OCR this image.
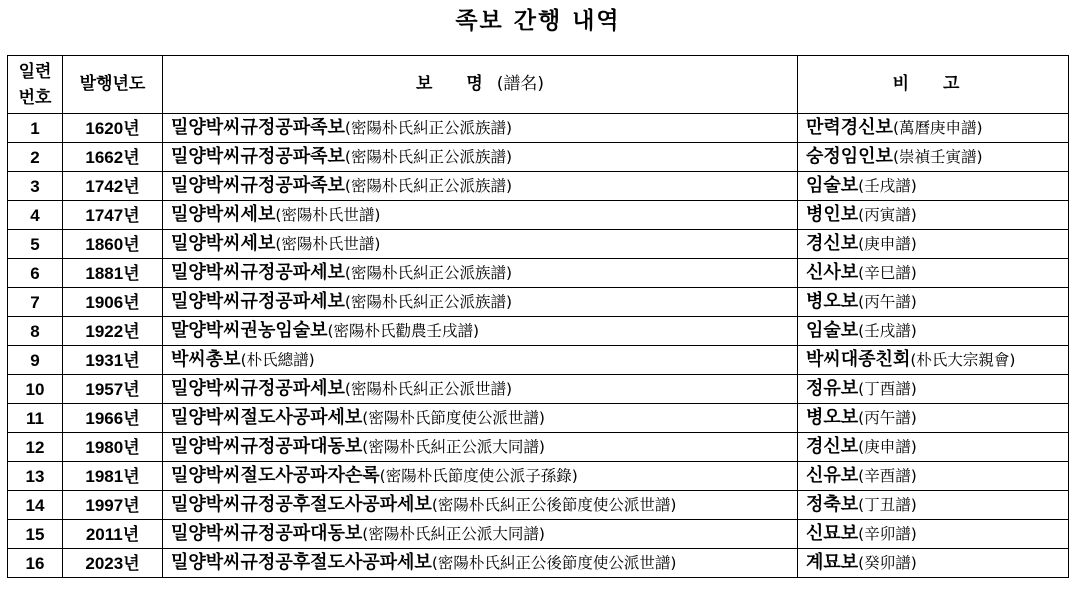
족보 간행 내역
일련
번호	발행년도	보 명(譜名)	비 고
1	1620년	밀양박씨규정공파족보(密陽朴氏糾正公派族譜)	만력경신보(萬曆庚申譜)
2	1662년	밀양박씨규정공파족보(密陽朴氏糾正公派族譜)	숭정임인보(崇禎壬寅譜)
3	1742년	밀양박씨규정공파족보(密陽朴氏糾正公派族譜)	임술보(壬戌譜)
4	1747년	밀양박씨세보(密陽朴氏世譜)	병인보(丙寅譜)
5	1860년	밀양박씨세보(密陽朴氏世譜)	경신보(庚申譜)
6	1881년	밀양박씨규정공파세보(密陽朴氏糾正公派族譜)	신사보(辛巳譜)
7	1906년	밀양박씨규정공파세보(密陽朴氏糾正公派族譜)	병오보(丙午譜)
8	1922년	말양박씨권농임술보(密陽朴氏勸農壬戌譜)	임술보(壬戌譜)
9	1931년	박씨총보(朴氏總譜)	박씨대종친회(朴氏大宗親會)
10	1957년	밀양박씨규정공파세보(密陽朴氏糾正公派世譜)	정유보(丁酉譜)
11	1966년	밀양박씨절도사공파세보(密陽朴氏節度使公派世譜)	병오보(丙午譜)
12	1980년	밀양박씨규정공파대동보(密陽朴氏糾正公派大同譜)	경신보(庚申譜)
13	1981년	밀양박씨절도사공파자손록(密陽朴氏節度使公派子孫錄)	신유보(辛酉譜)
14	1997년	밀양박씨규정공후절도사공파세보(密陽朴氏糾正公後節度使公派世譜)	정축보(丁丑譜)
15	2011년	밀양박씨규정공파대동보(密陽朴氏糾正公派大同譜)	신묘보(辛卯譜)
16	2023년	밀양박씨규정공후절도사공파세보(密陽朴氏糾正公後節度使公派世譜)	계묘보(癸卯譜)
